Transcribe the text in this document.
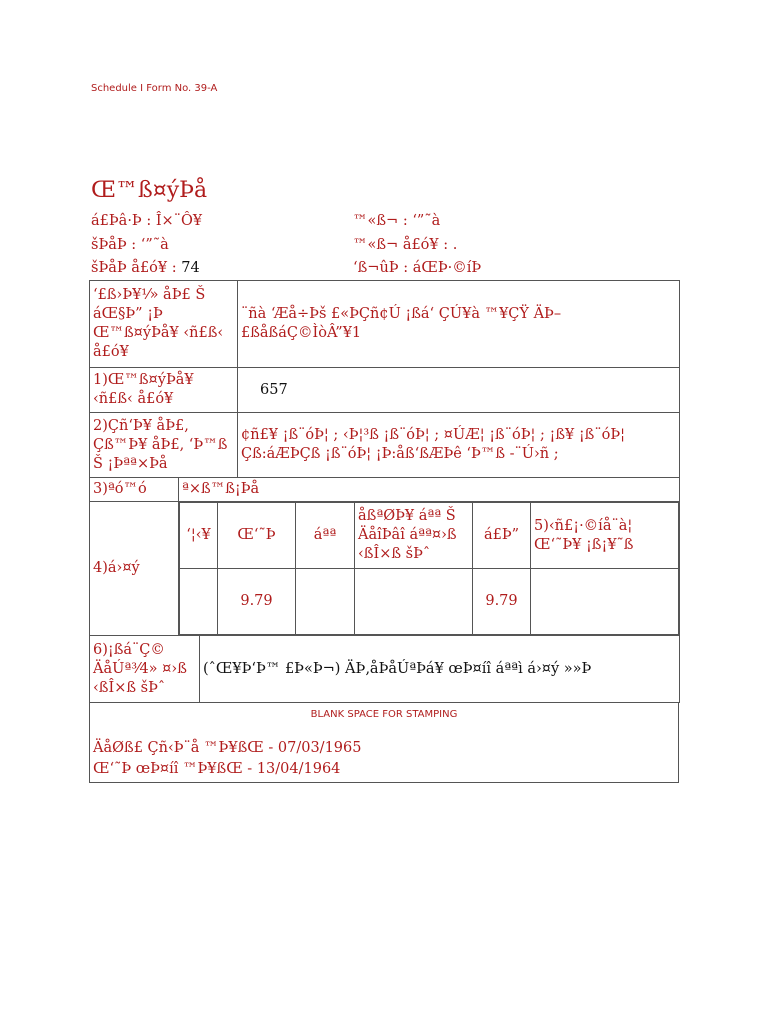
Schedule I Form No. 39-A
Œ™ß¤ýÞå
á£Þâ·Þ : Î×¨Ô¥
šÞåÞ : ‘”˜à
šÞåÞ å£ó¥ : 74
™«ß¬ : ‘”˜à
™«ß¬ å£ó¥ : .
‘ß¬ûÞ : áŒÞ·©íÞ
‘£ß›Þ¥¹⁄» åÞ£ Š áŒ§Þ” ¡Þ Œ™ß¤ýÞå¥ ‹ñ£ß‹ å£ó¥	¨ñà ‘Æå÷Þš £«ÞÇñ¢Ú ¡ßá‘ ÇÚ¥à ™¥ÇŸ ÄÞ–£ßåßáÇ©ÌòÂ”¥1
1)Œ™ß¤ýÞå¥ ‹ñ£ß‹ å£ó¥	657
2)Çñ‘Þ¥ åÞ£, Çß™Þ¥ åÞ£, ‘Þ™ß Š ¡Þªª×Þå	¢ñ£¥ ¡ß¨óÞ¦ ; ‹Þ¦³ß ¡ß¨óÞ¦ ; ¤ÚÆ¦ ¡ß¨óÞ¦ ; ¡ß¥ ¡ß¨óÞ¦ Çß:áÆÞÇß ¡ß¨óÞ¦ ¡Þ:åß‘ßÆÞê ‘Þ™ß -¨Ú›ñ ;
3)ªó™ó	ª×ß™ß¡Þå
4)á›¤ý	
‘¦‹¥	Œ‘˜Þ	áªª	åßªØÞ¥ áªª Š ÄåîÞâî áªª¤›ß ‹ßÎ×ß šÞˆ	á£Þ”	5)‹ñ£¡·©íå¨à¦ Œ‘˜Þ¥ ¡ß¡¥˜ß
	9.79			9.79	
6)¡ßá¨Ç© ÄåÚª³⁄4» ¤›ß ‹ßÎ×ß šÞˆ	(ˆŒ¥Þ‘Þ™ £Þ«Þ¬) ÄÞ‚åÞåÚªÞá¥ œÞ¤íî áªªì á›¤ý »»Þ
BLANK SPACE FOR STAMPING
ÄåØß£ Çñ‹Þ¨å ™Þ¥ßŒ - 07/03/1965
Œ‘˜Þ œÞ¤íî ™Þ¥ßŒ - 13/04/1964
